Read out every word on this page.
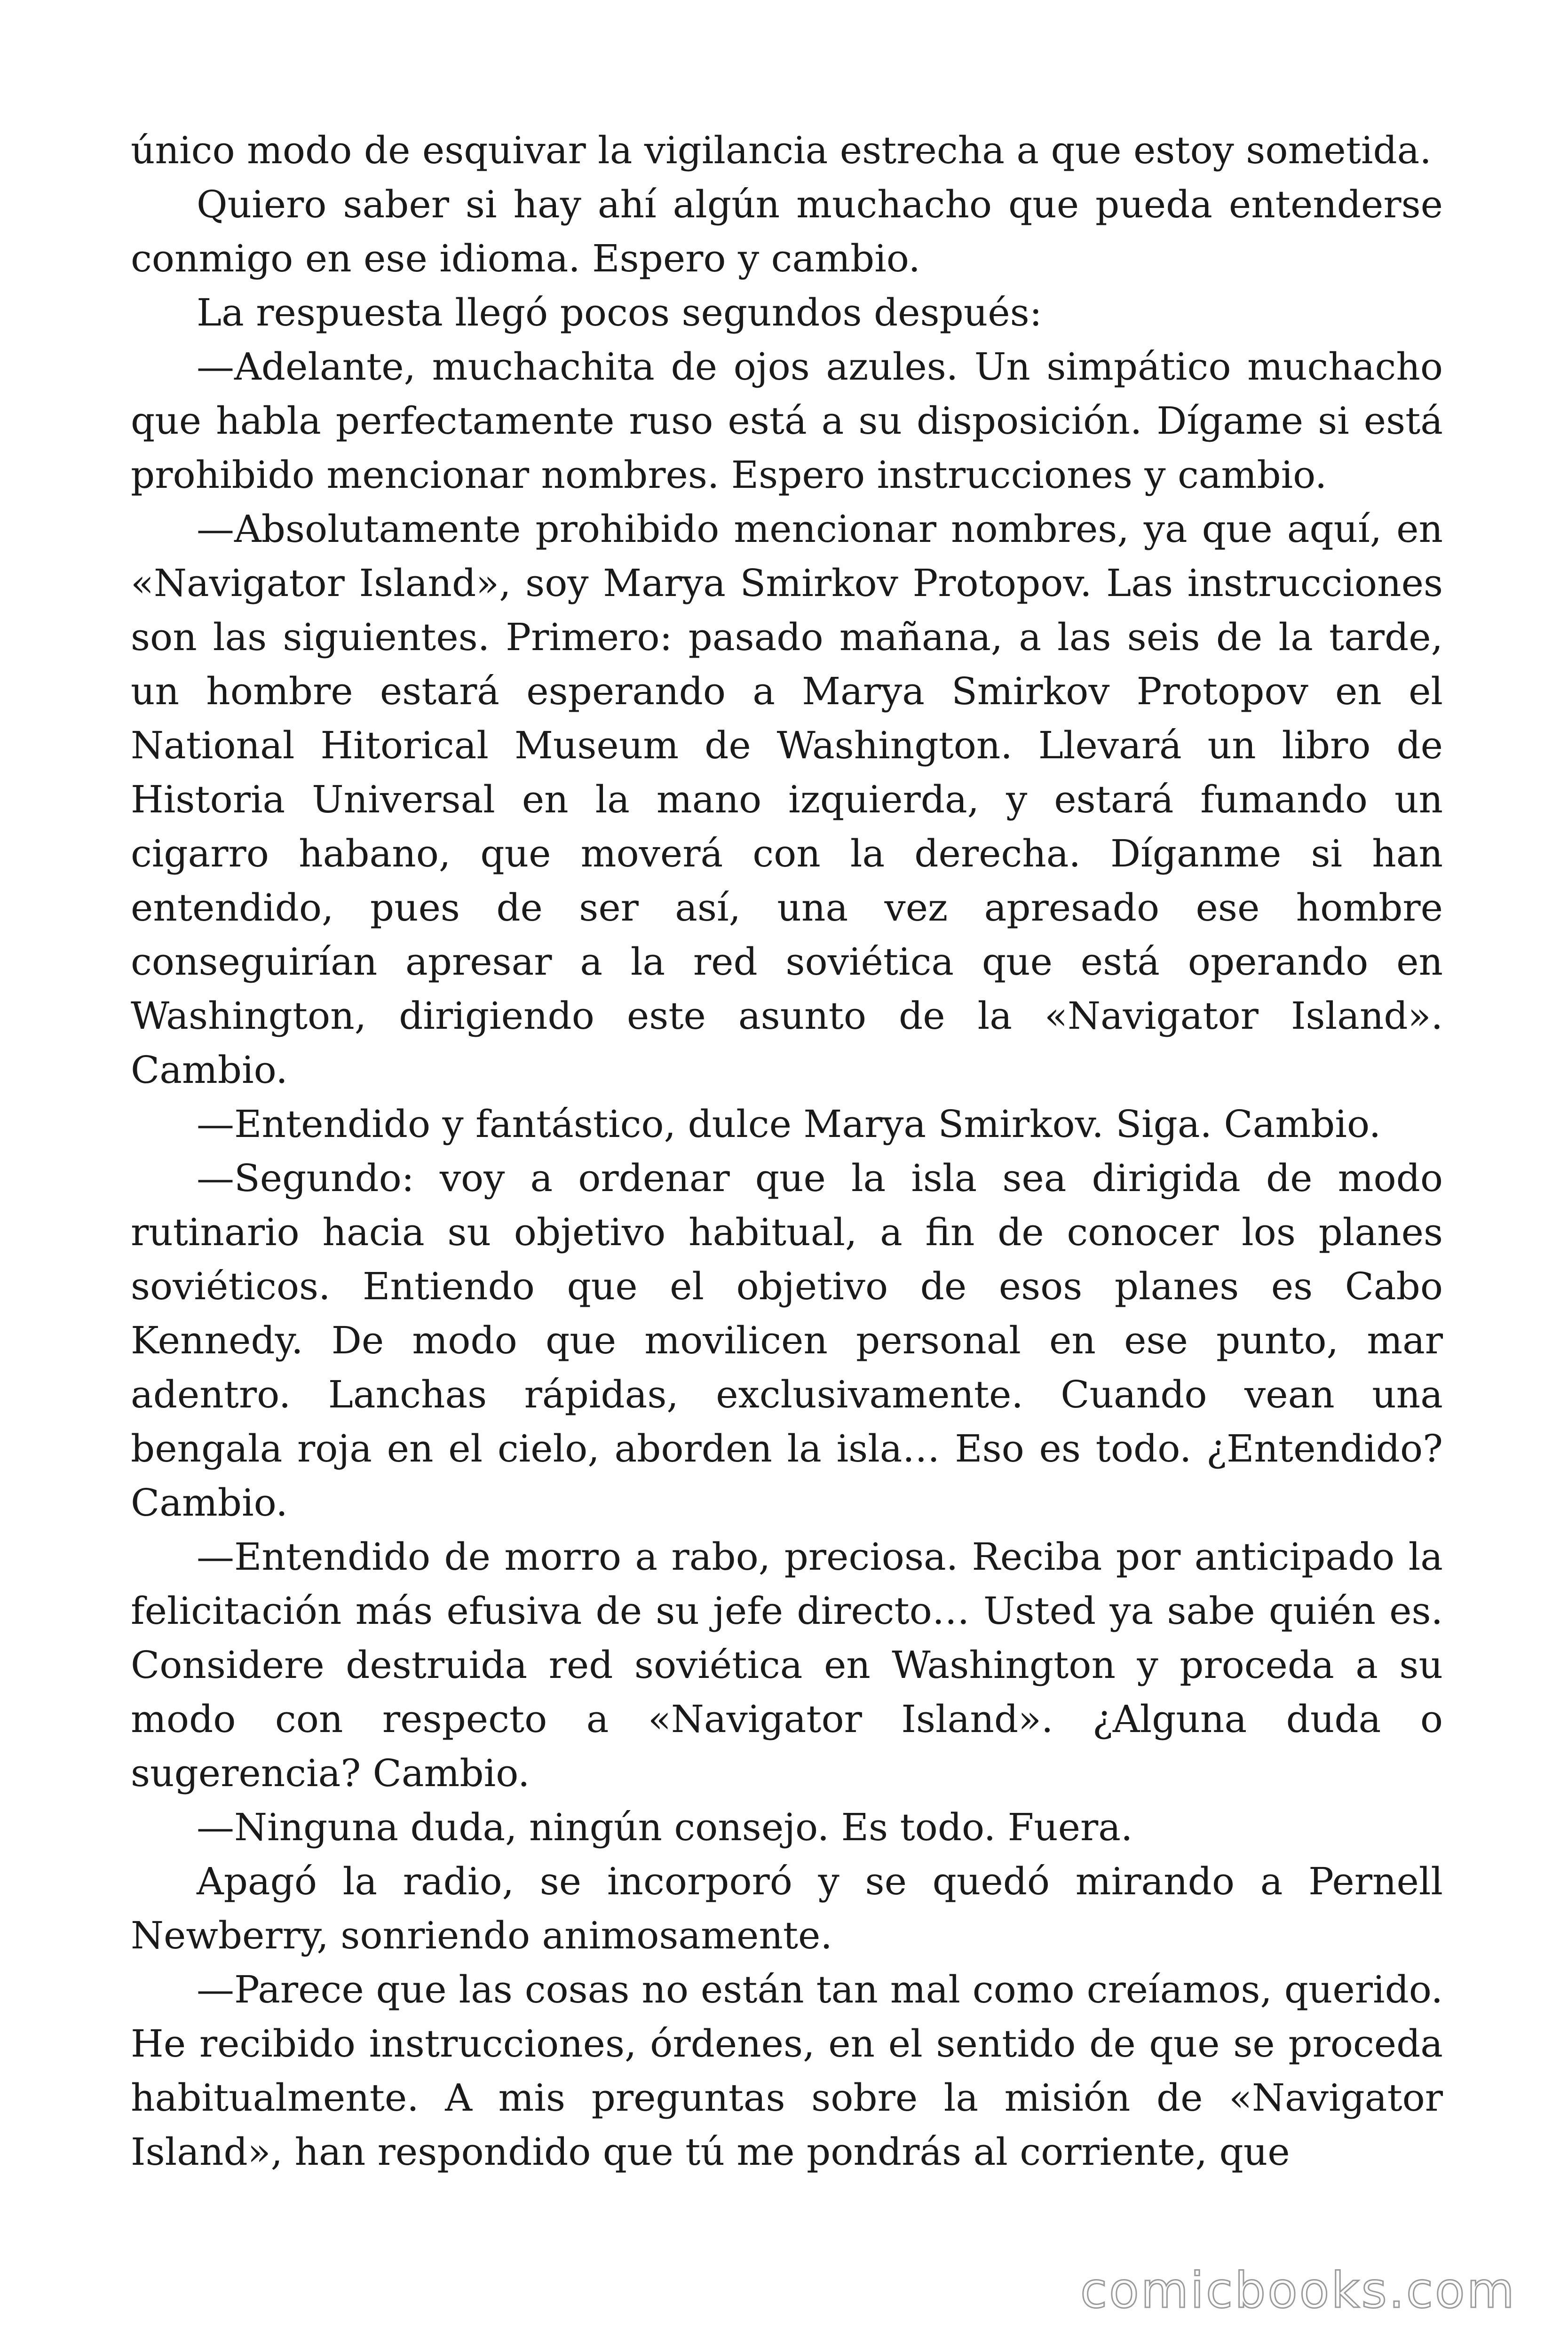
único modo de esquivar la vigilancia estrecha a que estoy sometida.

Quiero saber si hay ahí algún muchacho que pueda entenderse conmigo en ese idioma. Espero y cambio.

La respuesta llegó pocos segundos después:

—Adelante, muchachita de ojos azules. Un simpático muchacho que habla perfectamente ruso está a su disposición. Dígame si está prohibido mencionar nombres. Espero instrucciones y cambio.

—Absolutamente prohibido mencionar nombres, ya que aquí, en «Navigator Island», soy Marya Smirkov Protopov. Las instrucciones son las siguientes. Primero: pasado mañana, a las seis de la tarde, un hombre estará esperando a Marya Smirkov Protopov en el National Hitorical Museum de Washington. Llevará un libro de Historia Universal en la mano izquierda, y estará fumando un cigarro habano, que moverá con la derecha. Díganme si han entendido, pues de ser así, una vez apresado ese hombre conseguirían apresar a la red soviética que está operando en Washington, dirigiendo este asunto de la «Navigator Island». Cambio.

—Entendido y fantástico, dulce Marya Smirkov. Siga. Cambio.

—Segundo: voy a ordenar que la isla sea dirigida de modo rutinario hacia su objetivo habitual, a fin de conocer los planes soviéticos. Entiendo que el objetivo de esos planes es Cabo Kennedy. De modo que movilicen personal en ese punto, mar adentro. Lanchas rápidas, exclusivamente. Cuando vean una bengala roja en el cielo, aborden la isla… Eso es todo. ¿Entendido? Cambio.

—Entendido de morro a rabo, preciosa. Reciba por anticipado la felicitación más efusiva de su jefe directo… Usted ya sabe quién es. Considere destruida red soviética en Washington y proceda a su modo con respecto a «Navigator Island». ¿Alguna duda o sugerencia? Cambio.

—Ninguna duda, ningún consejo. Es todo. Fuera.

Apagó la radio, se incorporó y se quedó mirando a Pernell Newberry, sonriendo animosamente.

—Parece que las cosas no están tan mal como creíamos, querido. He recibido instrucciones, órdenes, en el sentido de que se proceda habitualmente. A mis preguntas sobre la misión de «Navigator Island», han respondido que tú me pondrás al corriente, que

comicbooks.com
